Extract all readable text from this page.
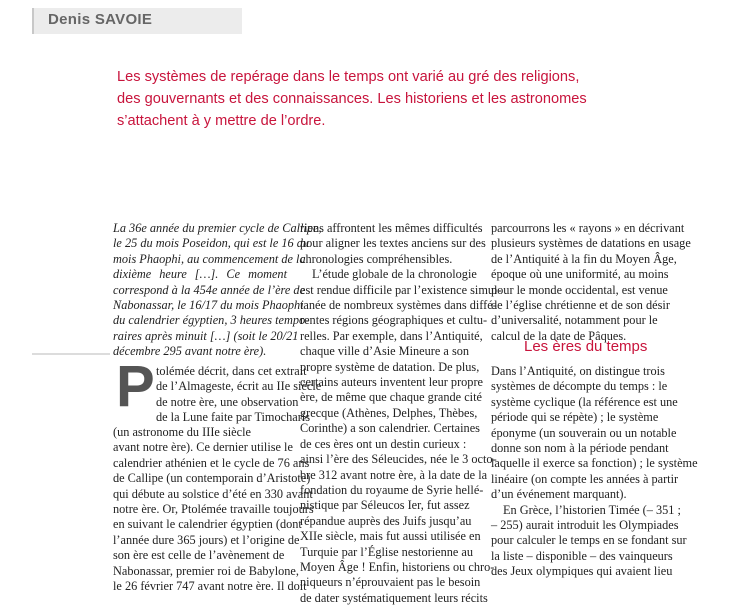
Denis SAVOIE
Les systèmes de repérage dans le temps ont varié au gré des religions,
des gouvernants et des connaissances. Les historiens et les astronomes
s’attachent à y mettre de l’ordre.
La 36e année du premier cycle de Callipe,
le 25 du mois Poseidon, qui est le 16 du
mois Phaophi, au commencement de la
dixième heure […]. Ce moment
correspond à la 454e année de l’ère de
Nabonassar, le 16/17 du mois Phaophi
du calendrier égyptien, 3 heures tempo-
raires après minuit […] (soit le 20/21
décembre 295 avant notre ère).
P tolémée décrit, dans cet extrait
de l’Almageste, écrit au IIe siècle
de notre ère, une observation
de la Lune faite par Timocharis
(un astronome du IIIe siècle
avant notre ère). Ce dernier utilise le
calendrier athénien et le cycle de 76 ans
de Callipe (un contemporain d’Aristote)
qui débute au solstice d’été en 330 avant
notre ère. Or, Ptolémée travaille toujours
en suivant le calendrier égyptien (dont
l’année dure 365 jours) et l’origine de
son ère est celle de l’avènement de
Nabonassar, premier roi de Babylone,
le 26 février 747 avant notre ère. Il doit
riens affrontent les mêmes difficultés
pour aligner les textes anciens sur des
chronologies compréhensibles.
L’étude globale de la chronologie
est rendue difficile par l’existence simul-
tanée de nombreux systèmes dans diffé-
rentes régions géographiques et cultu-
relles. Par exemple, dans l’Antiquité,
chaque ville d’Asie Mineure a son
propre système de datation. De plus,
certains auteurs inventent leur propre
ère, de même que chaque grande cité
grecque (Athènes, Delphes, Thèbes,
Corinthe) a son calendrier. Certaines
de ces ères ont un destin curieux :
ainsi l’ère des Séleucides, née le 3 octo-
bre 312 avant notre ère, à la date de la
fondation du royaume de Syrie hellé-
nistique par Séleucos Ier, fut assez
répandue auprès des Juifs jusqu’au
XIIe siècle, mais fut aussi utilisée en
Turquie par l’Église nestorienne au
Moyen Âge ! Enfin, historiens ou chro-
niqueurs n’éprouvaient pas le besoin
de dater systématiquement leurs récits
parcourrons les « rayons » en décrivant
plusieurs systèmes de datations en usage
de l’Antiquité à la fin du Moyen Âge,
époque où une uniformité, au moins
pour le monde occidental, est venue
de l’église chrétienne et de son désir
d’universalité, notamment pour le
calcul de la date de Pâques.
Les ères du temps
Dans l’Antiquité, on distingue trois
systèmes de décompte du temps : le
système cyclique (la référence est une
période qui se répète) ; le système
éponyme (un souverain ou un notable
donne son nom à la période pendant
laquelle il exerce sa fonction) ; le système
linéaire (on compte les années à partir
d’un événement marquant).
En Grèce, l’historien Timée (– 351 ;
– 255) aurait introduit les Olympiades
pour calculer le temps en se fondant sur
la liste – disponible – des vainqueurs
des Jeux olympiques qui avaient lieu
